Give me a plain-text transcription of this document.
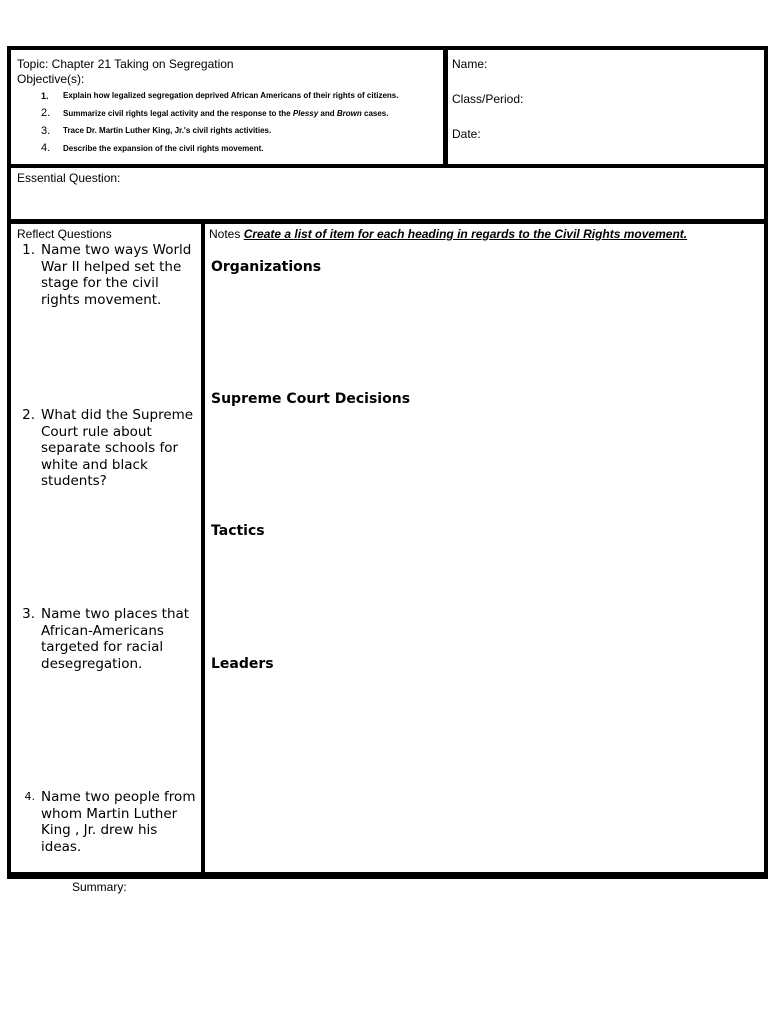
Topic: Chapter 21 Taking on Segregation
Objective(s):
1.	Explain how legalized segregation deprived African Americans of their rights of citizens.
2.	Summarize civil rights legal activity and the response to the Plessy and Brown cases.
3.	Trace Dr. Martin Luther King, Jr.'s civil rights activities.
4.	Describe the expansion of the civil rights movement.
Name:
Class/Period:
Date:
Essential Question:
Reflect Questions
1. Name two ways World War II helped set the stage for the civil rights movement.
2. What did the Supreme Court rule about separate schools for white and black students?
3. Name two places that African-Americans targeted for racial desegregation.
4. Name two people from whom Martin Luther King , Jr. drew his ideas.
Notes Create a list of item for each heading in regards to the Civil Rights movement.
Organizations
Supreme Court Decisions
Tactics
Leaders
Summary:
